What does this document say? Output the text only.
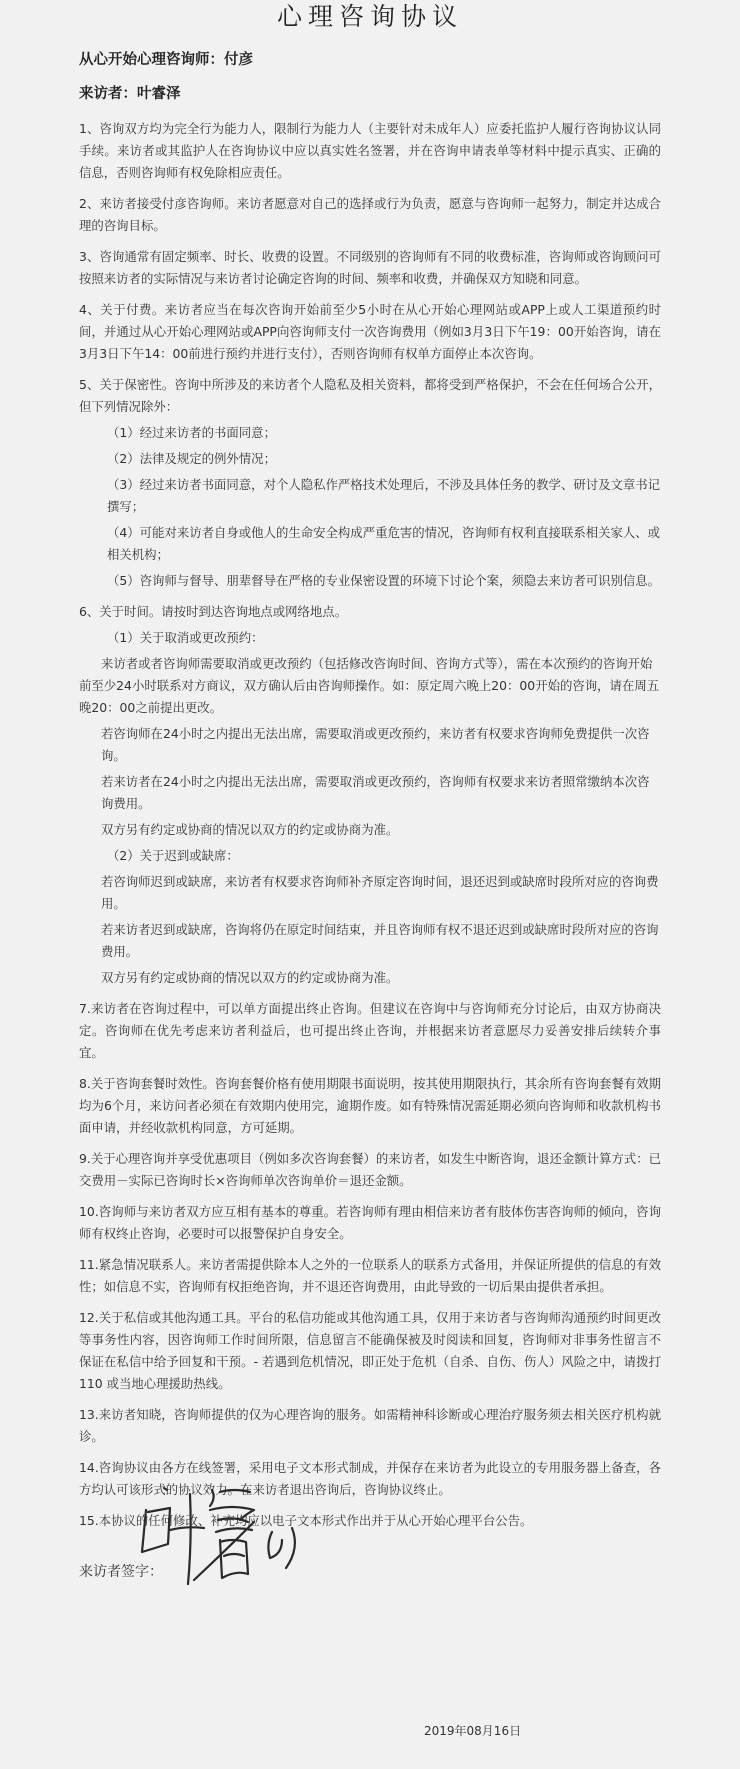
心理咨询协议
从心开始心理咨询师：付彦
来访者：叶睿泽

1、咨询双方均为完全行为能力人，限制行为能力人（主要针对未成年人）应委托监护人履行咨询协议认同手续。来访者或其监护人在咨询协议中应以真实姓名签署，并在咨询申请表单等材料中提示真实、正确的信息，否则咨询师有权免除相应责任。

2、来访者接受付彦咨询师。来访者愿意对自己的选择或行为负责，愿意与咨询师一起努力，制定并达成合理的咨询目标。

3、咨询通常有固定频率、时长、收费的设置。不同级别的咨询师有不同的收费标准，咨询师或咨询顾问可按照来访者的实际情况与来访者讨论确定咨询的时间、频率和收费，并确保双方知晓和同意。

4、关于付费。来访者应当在每次咨询开始前至少5小时在从心开始心理网站或APP上或人工渠道预约时间，并通过从心开始心理网站或APP向咨询师支付一次咨询费用（例如3月3日下午19：00开始咨询，请在3月3日下午14：00前进行预约并进行支付），否则咨询师有权单方面停止本次咨询。

5、关于保密性。咨询中所涉及的来访者个人隐私及相关资料，都将受到严格保护，不会在任何场合公开，但下列情况除外：

（1）经过来访者的书面同意；
（2）法律及规定的例外情况；
（3）经过来访者书面同意，对个人隐私作严格技术处理后，不涉及具体任务的教学、研讨及文章书记撰写；
（4）可能对来访者自身或他人的生命安全构成严重危害的情况，咨询师有权利直接联系相关家人、或相关机构；
（5）咨询师与督导、朋辈督导在严格的专业保密设置的环境下讨论个案，须隐去来访者可识别信息。

6、关于时间。请按时到达咨询地点或网络地点。

（1）关于取消或更改预约：
来访者或者咨询师需要取消或更改预约（包括修改咨询时间、咨询方式等），需在本次预约的咨询开始前至少24小时联系对方商议，双方确认后由咨询师操作。如：原定周六晚上20：00开始的咨询，请在周五晚20：00之前提出更改。
若咨询师在24小时之内提出无法出席，需要取消或更改预约，来访者有权要求咨询师免费提供一次咨询。
若来访者在24小时之内提出无法出席，需要取消或更改预约，咨询师有权要求来访者照常缴纳本次咨询费用。
双方另有约定或协商的情况以双方的约定或协商为准。
（2）关于迟到或缺席：
若咨询师迟到或缺席，来访者有权要求咨询师补齐原定咨询时间，退还迟到或缺席时段所对应的咨询费用。
若来访者迟到或缺席，咨询将仍在原定时间结束，并且咨询师有权不退还迟到或缺席时段所对应的咨询费用。
双方另有约定或协商的情况以双方的约定或协商为准。

7.来访者在咨询过程中，可以单方面提出终止咨询。但建议在咨询中与咨询师充分讨论后，由双方协商决定。咨询师在优先考虑来访者利益后，也可提出终止咨询，并根据来访者意愿尽力妥善安排后续转介事宜。

8.关于咨询套餐时效性。咨询套餐价格有使用期限书面说明，按其使用期限执行，其余所有咨询套餐有效期均为6个月，来访问者必须在有效期内使用完，逾期作废。如有特殊情况需延期必须向咨询师和收款机构书面申请，并经收款机构同意，方可延期。

9.关于心理咨询并享受优惠项目（例如多次咨询套餐）的来访者，如发生中断咨询，退还金额计算方式：已交费用－实际已咨询时长×咨询师单次咨询单价＝退还金额。

10.咨询师与来访者双方应互相有基本的尊重。若咨询师有理由相信来访者有肢体伤害咨询师的倾向，咨询师有权终止咨询，必要时可以报警保护自身安全。

11.紧急情况联系人。来访者需提供除本人之外的一位联系人的联系方式备用，并保证所提供的信息的有效性；如信息不实，咨询师有权拒绝咨询，并不退还咨询费用，由此导致的一切后果由提供者承担。

12.关于私信或其他沟通工具。平台的私信功能或其他沟通工具，仅用于来访者与咨询师沟通预约时间更改等事务性内容，因咨询师工作时间所限，信息留言不能确保被及时阅读和回复，咨询师对非事务性留言不保证在私信中给予回复和干预。- 若遇到危机情况，即正处于危机（自杀、自伤、伤人）风险之中，请拨打 110 或当地心理援助热线。

13.来访者知晓，咨询师提供的仅为心理咨询的服务。如需精神科诊断或心理治疗服务须去相关医疗机构就诊。

14.咨询协议由各方在线签署，采用电子文本形式制成，并保存在来访者为此设立的专用服务器上备查，各方均认可该形式的协议效力。在来访者退出咨询后，咨询协议终止。

15.本协议的任何修改、补充均应以电子文本形式作出并于从心开始心理平台公告。

来访者签字：
2019年08月16日
